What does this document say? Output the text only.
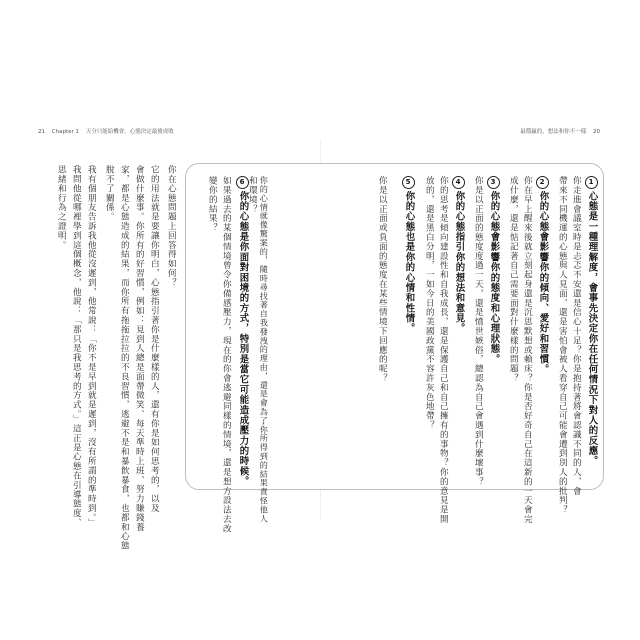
21 Chapter 1 天分只能給機會，心態決定最後成敗	最穩贏的，想法和你不一樣 20
1心態是一種理解度，會事先決定你在任何情況下對人的反應。
你走進會議室時是忐忑不安還是信心十足？你是抱持著將會認識不同的人，會
帶來不同機運的心態與人見面，還是害怕會被人看穿自己可能會遭到別人的批判？
2你的心態會影響你的傾向、愛好和習慣。
你在早上醒來後就立刻起身還是沉思默想或賴床？你是否好奇自己在這新的一天會完
成什麼，還是惦記著自己需要面對什麼樣的問題？
3你的心態會影響你的態度和心理狀態。
你是以正面的態度度過一天，還是憤世嫉俗，總認為自己會遇到什麼壞事？
4你的心態指引你的想法和意見。
你的思考是傾向建設性和自我成長，還是保護自己和自己擁有的事物？你的意見是開
放的，還是黑白分明，一如今日的美國政黨不容許灰色地帶？
5你的心態也是你的心情和性情。
你是以正面或負面的態度在某些情境下回應的呢？
6你的心態是你面對困境的方式，特別是當它可能造成壓力的時候。 你的心情就像驚案的，隨時尋找著自我發洩的理由，還是會為了你所得到的結果責怪他人
和環境？
如果過去的某個情境曾令你備感壓力，現在的你會逃避同樣的情境，還是想方設法去改
變你的結果？
你在心態問題上回答得如何？
它的用法就是要讓你明白，心態指引著你是什麼樣的人，還有你是如何思考的，以及
會做什麼事。你所有的好習慣，例如：見到人總是面帶微笑、每天準時上班、努力賺錢養
家，都是心態造成的結果，而你所有拖拖拉拉的不良習慣，逃避不是和暴飲暴食，也都和心態
脫不了關係。
我有個朋友告訴我他從沒遲到，他常說：「你不是早到就是遲到，沒有所謂的準時到。」
我問他從哪裡學到這個概念，他說：「那只是我思考的方式。」這正是心態在引導態度、
思緒和行為之證明。
